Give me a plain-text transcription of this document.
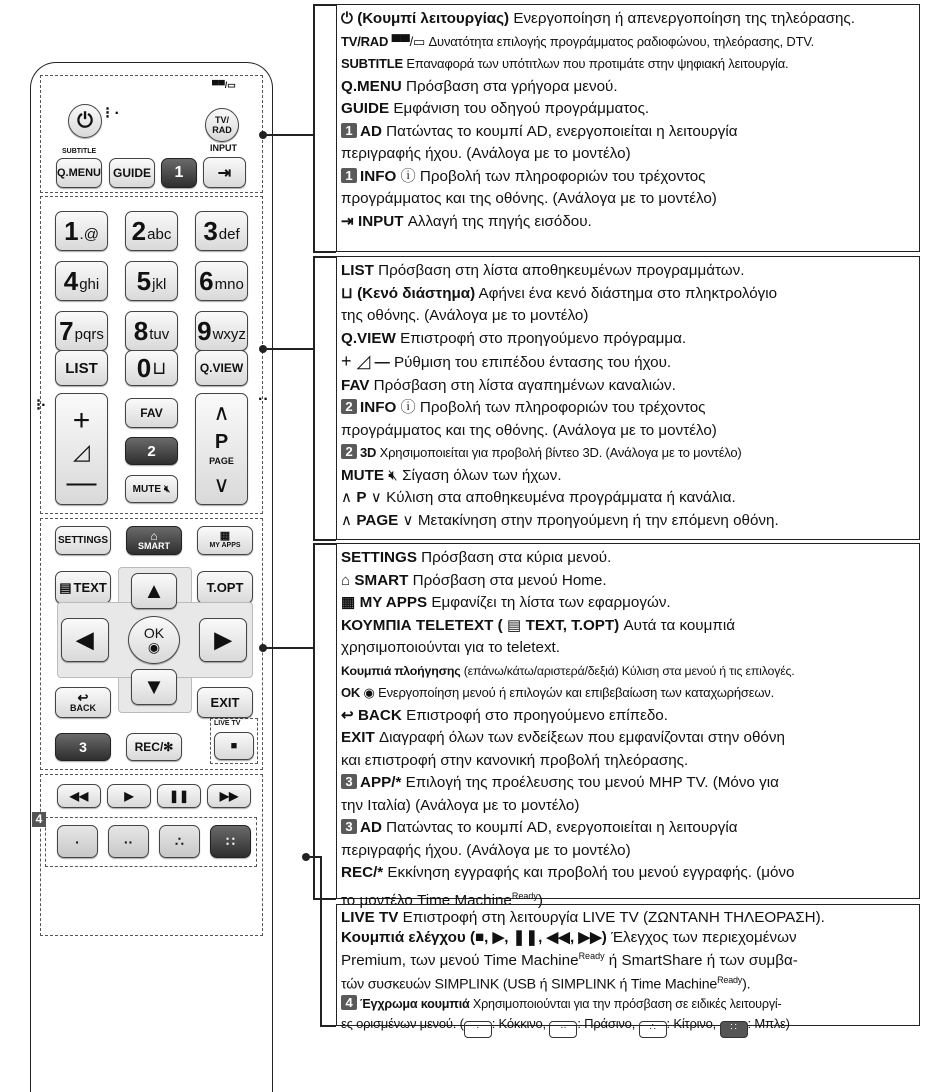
⏻ ⁝ ·
▀▀/▭
TV/
RAD
SUBTITLE	INPUT
Q.MENU GUIDE	1	⇥
1 .@ 2 abc 3 def
4 ghi 5 jkl 6 mno
7 pqrs 8 tuv 9 wxyz
LIST	0 ⊔	Q.VIEW
⁝·	··
+
◿
—
FAV
2
MUTE 🔇︎
∧
P
PAGE
∨
SETTINGS	⌂
SMART
▦
MY APPS
▤ TEXT	T.OPT
▲
◀	OK
◉ ▶
▼
↩
BACK	EXIT
3	REC/✻
LIVE TV
■
◀◀	▶	❚❚	▶▶
4
·	··	∴	∷

⏻ (Κουμπί λειτουργίας) Ενεργοποίηση ή απενεργοποίηση της τηλεόρασης.

TV/RAD ▀▀/▭ Δυνατότητα επιλογής προγράμματος ραδιοφώνου, τηλεόρασης, DTV.

SUBTITLE Επαναφορά των υπότιτλων που προτιμάτε στην ψηφιακή λειτουργία.

Q.MENU Πρόσβαση στα γρήγορα μενού.

GUIDE Εμφάνιση του οδηγού προγράμματος.

1 AD Πατώντας το κουμπί AD, ενεργοποιείται η λειτουργία

περιγραφής ήχου. (Ανάλογα με το μοντέλο)

1 INFO ⓘ Προβολή των πληροφοριών του τρέχοντος

προγράμματος και της οθόνης. (Ανάλογα με το μοντέλο)

⇥ INPUT Αλλαγή της πηγής εισόδου.

LIST Πρόσβαση στη λίστα αποθηκευμένων προγραμμάτων.

⊔ (Κενό διάστημα) Αφήνει ένα κενό διάστημα στο πληκτρολόγιο

της οθόνης. (Ανάλογα με το μοντέλο)

Q.VIEW Επιστροφή στο προηγούμενο πρόγραμμα.

+ ◿ — Ρύθμιση του επιπέδου έντασης του ήχου.

FAV Πρόσβαση στη λίστα αγαπημένων καναλιών.

2 INFO ⓘ Προβολή των πληροφοριών του τρέχοντος

προγράμματος και της οθόνης. (Ανάλογα με το μοντέλο)

2 3D Χρησιμοποιείται για προβολή βίντεο 3D. (Ανάλογα με το μοντέλο)

MUTE 🔇︎ Σίγαση όλων των ήχων.

∧ P ∨ Κύλιση στα αποθηκευμένα προγράμματα ή κανάλια.

∧ PAGE ∨ Μετακίνηση στην προηγούμενη ή την επόμενη οθόνη.

SETTINGS Πρόσβαση στα κύρια μενού.

⌂ SMART Πρόσβαση στα μενού Home.

▦ MY APPS Εμφανίζει τη λίστα των εφαρμογών.

ΚΟΥΜΠΙΑ TELETEXT ( ▤ TEXT, T.OPT) Αυτά τα κουμπιά

χρησιμοποιούνται για το teletext.

Κουμπιά πλοήγησης (επάνω/κάτω/αριστερά/δεξιά) Κύλιση στα μενού ή τις επιλογές.

OK ◉ Ενεργοποίηση μενού ή επιλογών και επιβεβαίωση των καταχωρήσεων.

↩ BACK Επιστροφή στο προηγούμενο επίπεδο.

EXIT Διαγραφή όλων των ενδείξεων που εμφανίζονται στην οθόνη

και επιστροφή στην κανονική προβολή τηλεόρασης.

3 APP/* Επιλογή της προέλευσης του μενού MHP TV. (Μόνο για

την Ιταλία) (Ανάλογα με το μοντέλο)

3 AD Πατώντας το κουμπί AD, ενεργοποιείται η λειτουργία

περιγραφής ήχου. (Ανάλογα με το μοντέλο)

REC/* Εκκίνηση εγγραφής και προβολή του μενού εγγραφής. (μόνο

το μοντέλο Time Machine$^{Ready}$)

LIVE TV Επιστροφή στη λειτουργία LIVE TV (ΖΩΝΤΑΝΗ ΤΗΛΕΟΡΑΣΗ).

Κουμπιά ελέγχου (■, ▶, ❚❚, ◀◀, ▶▶) Έλεγχος των περιεχομένων

Premium, των μενού Time Machine$^{Ready}$ ή SmartShare ή των συμβα-

τών συσκευών SIMPLINK (USB ή SIMPLINK ή Time Machine$^{Ready}$).

4 Έγχρωμα κουμπιά Χρησιμοποιούνται για την πρόσβαση σε ειδικές λειτουργί-

ες ορισμένων μενού. ( · : Κόκκινο, ·· : Πράσινο, ∴ : Κίτρινο, ∷ : Μπλε)
